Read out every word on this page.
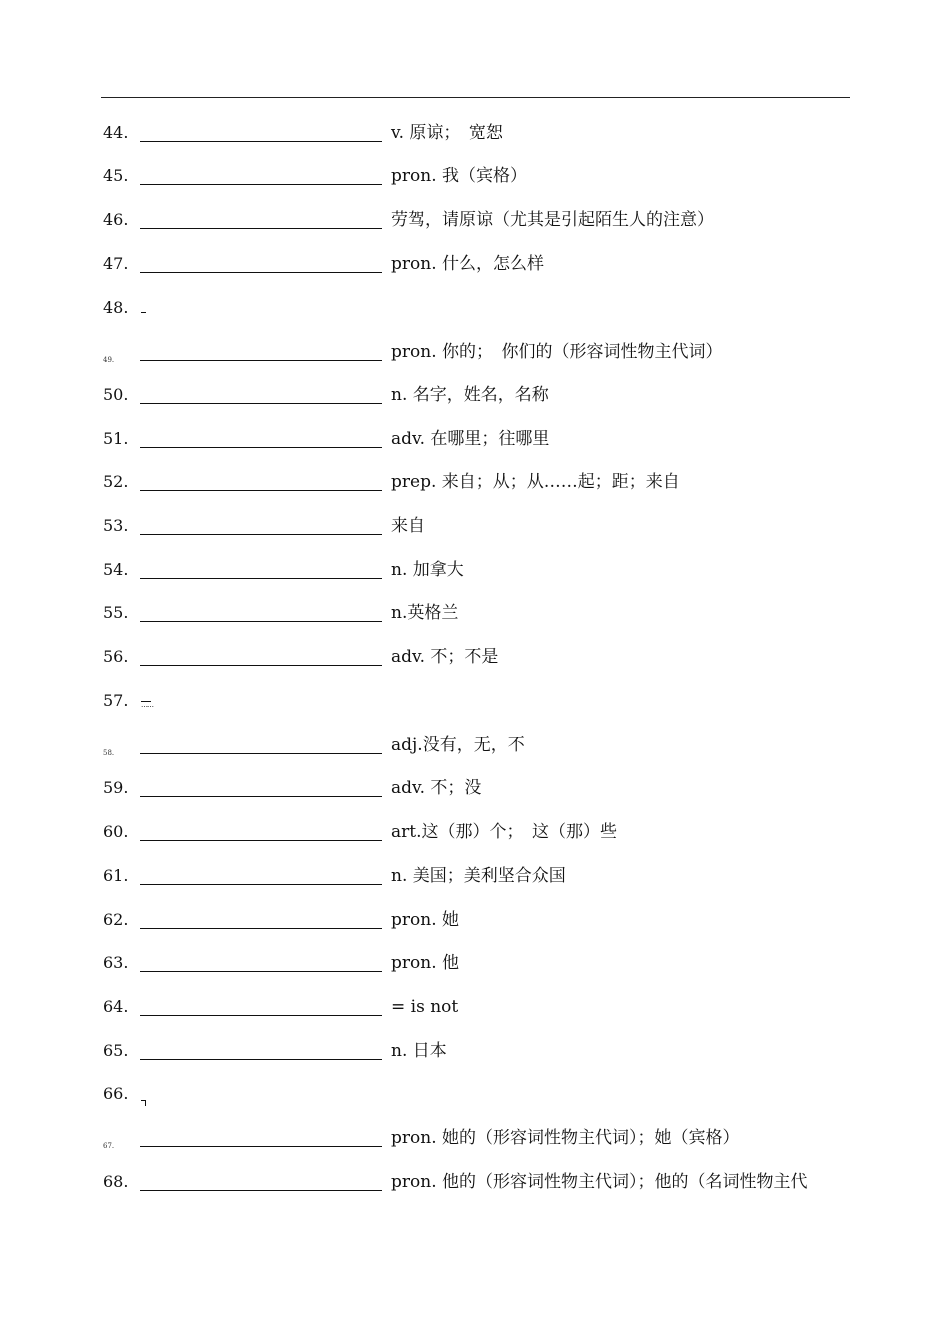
44.	v. 原谅；　宽恕
45.	pron. 我（宾格）
46.	劳驾，请原谅（尤其是引起陌生人的注意）
47.	pron. 什么，怎么样
48.
49.	pron. 你的；　你们的（形容词性物主代词）
50.	n. 名字，姓名，名称
51.	adv. 在哪里；往哪里
52.	prep. 来自；从；从……起；距；来自
53.	来自
54.	n. 加拿大
55.	n.英格兰
56.	adv. 不；不是
57. ……
58.	adj.没有，无，不
59.	adv. 不；没
60.	art.这（那）个；　这（那）些
61.	n. 美国；美利坚合众国
62.	pron. 她
63.	pron. 他
64.	= is not
65.	n. 日本
66.
67.	pron. 她的（形容词性物主代词）；她（宾格）
68.	pron. 他的（形容词性物主代词）；他的（名词性物主代
